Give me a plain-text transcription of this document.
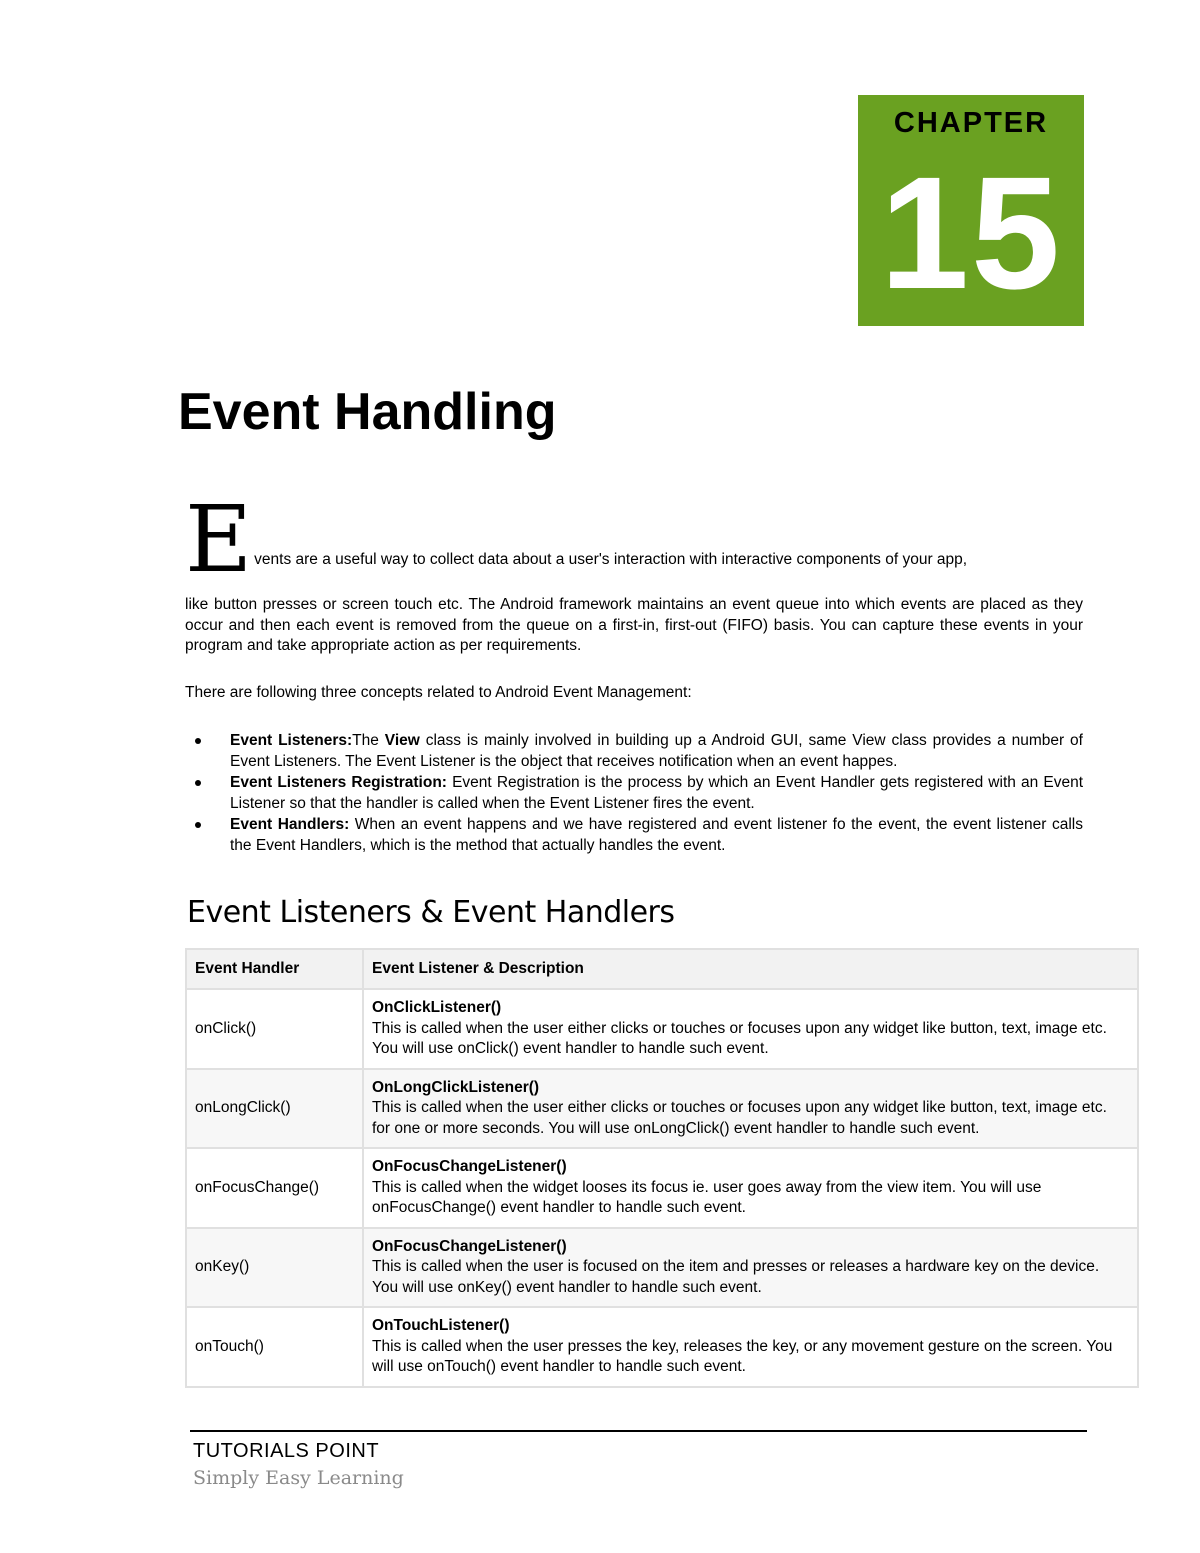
CHAPTER
15
Event Handling
E vents are a useful way to collect data about a user's interaction with interactive components of your app,
like button presses or screen touch etc. The Android framework maintains an event queue into which events are placed as they occur and then each event is removed from the queue on a first-in, first-out (FIFO) basis. You can capture these events in your program and take appropriate action as per requirements.
There are following three concepts related to Android Event Management:
Event Listeners:The View class is mainly involved in building up a Android GUI, same View class provides a number of Event Listeners. The Event Listener is the object that receives notification when an event happes.
Event Listeners Registration: Event Registration is the process by which an Event Handler gets registered with an Event Listener so that the handler is called when the Event Listener fires the event.
Event Handlers: When an event happens and we have registered and event listener fo the event, the event listener calls the Event Handlers, which is the method that actually handles the event.
Event Listeners & Event Handlers
Event Handler	Event Listener & Description
onClick()	OnClickListener()
This is called when the user either clicks or touches or focuses upon any widget like button, text, image etc. You will use onClick() event handler to handle such event.
onLongClick()	OnLongClickListener()
This is called when the user either clicks or touches or focuses upon any widget like button, text, image etc. for one or more seconds. You will use onLongClick() event handler to handle such event.
onFocusChange()	OnFocusChangeListener()
This is called when the widget looses its focus ie. user goes away from the view item. You will use onFocusChange() event handler to handle such event.
onKey()	OnFocusChangeListener()
This is called when the user is focused on the item and presses or releases a hardware key on the device. You will use onKey() event handler to handle such event.
onTouch()	OnTouchListener()
This is called when the user presses the key, releases the key, or any movement gesture on the screen. You will use onTouch() event handler to handle such event.
TUTORIALS POINT
Simply Easy Learning
